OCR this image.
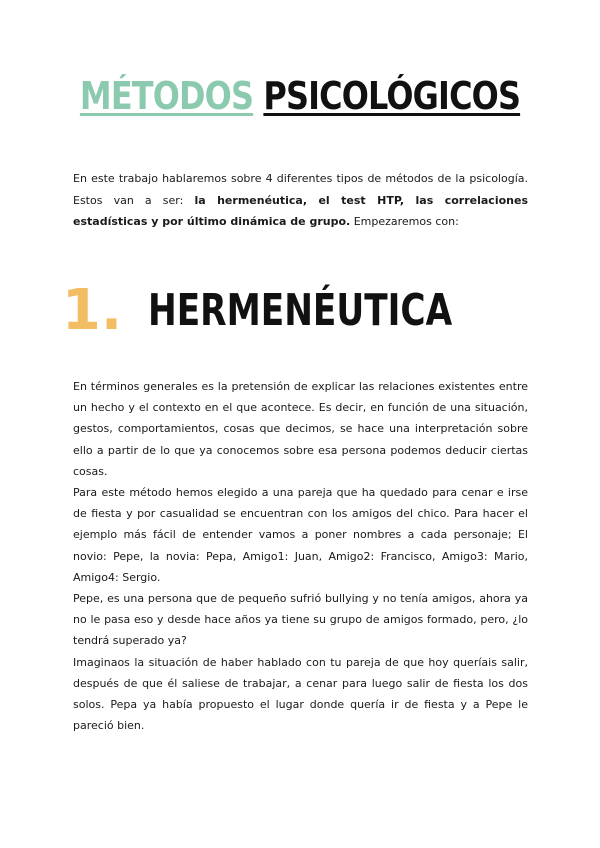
MÉTODOS PSICOLÓGICOS

En este trabajo hablaremos sobre 4 diferentes tipos de métodos de la psicología. Estos van a ser: la hermenéutica, el test HTP, las correlaciones estadísticas y por último dinámica de grupo. Empezaremos con:

1. HERMENÉUTICA

En términos generales es la pretensión de explicar las relaciones existentes entre un hecho y el contexto en el que acontece. Es decir, en función de una situación, gestos, comportamientos, cosas que decimos, se hace una interpretación sobre ello a partir de lo que ya conocemos sobre esa persona podemos deducir ciertas cosas.

Para este método hemos elegido a una pareja que ha quedado para cenar e irse de fiesta y por casualidad se encuentran con los amigos del chico. Para hacer el ejemplo más fácil de entender vamos a poner nombres a cada personaje; El novio: Pepe, la novia: Pepa, Amigo1: Juan, Amigo2: Francisco, Amigo3: Mario, Amigo4: Sergio.

Pepe, es una persona que de pequeño sufrió bullying y no tenía amigos, ahora ya no le pasa eso y desde hace años ya tiene su grupo de amigos formado, pero, ¿lo tendrá superado ya?

Imaginaos la situación de haber hablado con tu pareja de que hoy queríais salir, después de que él saliese de trabajar, a cenar para luego salir de fiesta los dos solos. Pepa ya había propuesto el lugar donde quería ir de fiesta y a Pepe le pareció bien.
